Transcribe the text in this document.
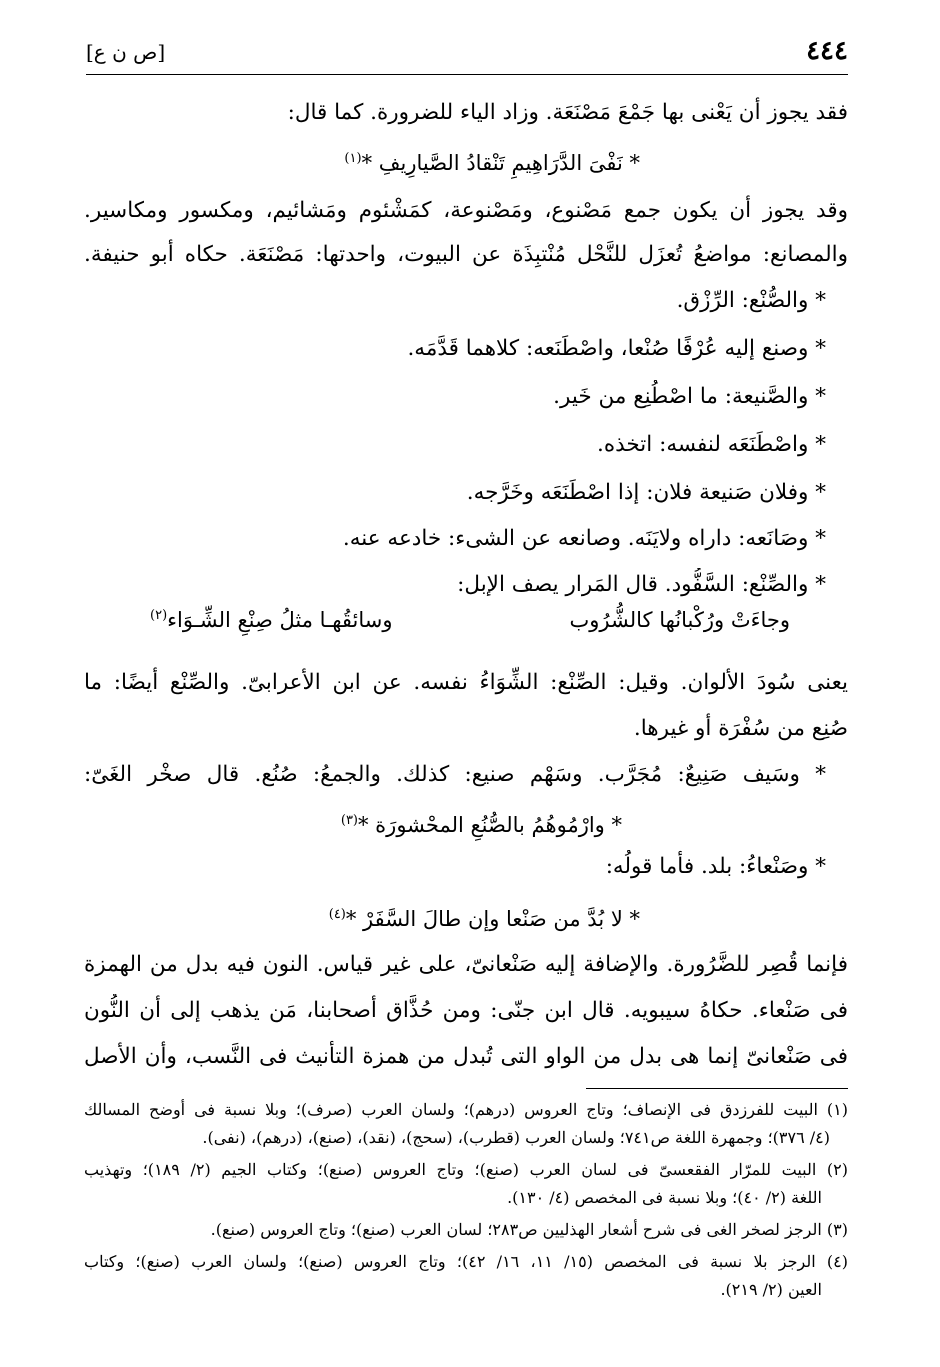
٤٤٤
[ص ن ع]
فقد يجوز أن يَعْنى بها جَمْعَ مَصْنَعَة. وزاد الياء للضرورة. كما قال:
* نَفْىَ الدَّرَاهِيمِ تَنْقادُ الصَّيارِيفِ *$^{(١)}$
وقد يجوز أن يكون جمع مَصْنوع، ومَصْنوعة، كمَشْئوم ومَشائيم، ومكسور ومكاسير.
والمصانع: مواضعُ تُعزَل للنَّحْل مُنْتبِذَة عن البيوت، واحدتها: مَصْنَعَة. حكاه أبو حنيفة.
* والصُّنْع: الرِّزْق.
* وصنع إليه عُرْفًا صُنْعا، واصْطَنَعه: كلاهما قَدَّمَه.
* والصَّنيعة: ما اصْطُنِع من خَير.
* واصْطَنَعَه لنفسه: اتخذه.
* وفلان صَنيعة فلان: إذا اصْطَنَعَه وخَرَّجه.
* وصَانَعه: داراه ولايَنَه. وصانعه عن الشىء: خادعه عنه.
* والصِّنْع: السَّفُّود. قال المَرار يصف الإبل:
وجاءَتْ ورُكْبانُها كالشُّرُوب
وسائقُهـا مثلُ صِنْعِ الشِّـوَاء$^{(٢)}$
يعنى سُودَ الألوان. وقيل: الصِّنْع: الشِّوَاءُ نفسه. عن ابن الأعرابىّ. والصِّنْع أيضًا: ما
صُنِع من سُفْرَة أو غيرها.
* وسَيف صَنِيعٌ: مُجَرَّب. وسَهْم صنيع: كذلك. والجمعُ: صُنُع. قال صخْر الغَىّ:
* وارْمُوهُمُ بالصُّنُعِ المحْشورَة *$^{(٣)}$
* وصَنْعاءُ: بلد. فأما قولُه:
* لا بُدَّ من صَنْعا وإن طالَ السَّفَرْ *$^{(٤)}$
فإنما قُصِر للضَّرُورة. والإضافة إليه صَنْعانىّ، على غير قياس. النون فيه بدل من الهمزة
فى صَنْعاء. حكاهُ سيبويه. قال ابن جنّى: ومن حُذَّاق أصحابنا، مَن يذهب إلى أن النُّون
فى صَنْعانىّ إنما هى بدل من الواو التى تُبدل من همزة التأنيث فى النَّسب، وأن الأصل
(١) البيت للفرزدق فى الإنصاف؛ وتاج العروس (درهم)؛ ولسان العرب (صرف)؛ وبلا نسبة فى أوضح المسالك
(٤/ ٣٧٦)؛ وجمهرة اللغة ص٧٤١؛ ولسان العرب (قطرب)، (سحج)، (نقد)، (صنع)، (درهم)، (نفى).
(٢) البيت للمرّار الفقعسىّ فى لسان العرب (صنع)؛ وتاج العروس (صنع)؛ وكتاب الجيم (٢/ ١٨٩)؛ وتهذيب
اللغة (٢/ ٤٠)؛ وبلا نسبة فى المخصص (٤/ ١٣٠).
(٣) الرجز لصخر الغى فى شرح أشعار الهذليين ص٢٨٣؛ لسان العرب (صنع)؛ وتاج العروس (صنع).
(٤) الرجز بلا نسبة فى المخصص (١٥/ ١١، ١٦/ ٤٢)؛ وتاج العروس (صنع)؛ ولسان العرب (صنع)؛ وكتاب
العين (٢/ ٢١٩).
